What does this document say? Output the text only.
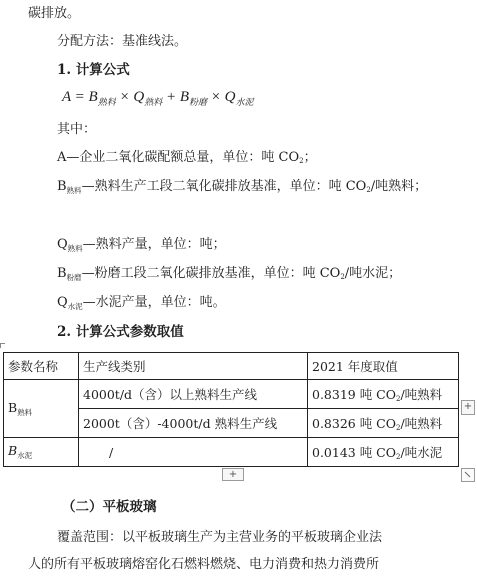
碳排放。
分配方法：基准线法。
1. 计算公式
$A = B_{熟料} \times Q_{熟料} + B_{粉磨} \times Q_{水泥}$
其中：
A—企业二氧化碳配额总量，单位：吨 CO2；
$B_{熟料}—$熟料生产工段二氧化碳排放基准，单位：吨 CO2/吨熟料；
$Q_{熟料}—$熟料产量，单位：吨；
$B_{粉磨}—$粉磨工段二氧化碳排放基准，单位：吨 CO2/吨水泥；
$Q_{水泥}—$水泥产量，单位：吨。
2. 计算公式参数取值
参数名称	生产线类别	2021 年度取值
$B_{熟料}$	4000t/d（含）以上熟料生产线	0.8319 吨 CO2/吨熟料
	2000t（含）-4000t/d 熟料生产线	0.8326 吨 CO2/吨熟料
$B_{水泥}$	/	0.0143 吨 CO2/吨水泥
+
+
（二）平板玻璃
覆盖范围：以平板玻璃生产为主营业务的平板玻璃企业法
人的所有平板玻璃熔窑化石燃料燃烧、电力消费和热力消费所
